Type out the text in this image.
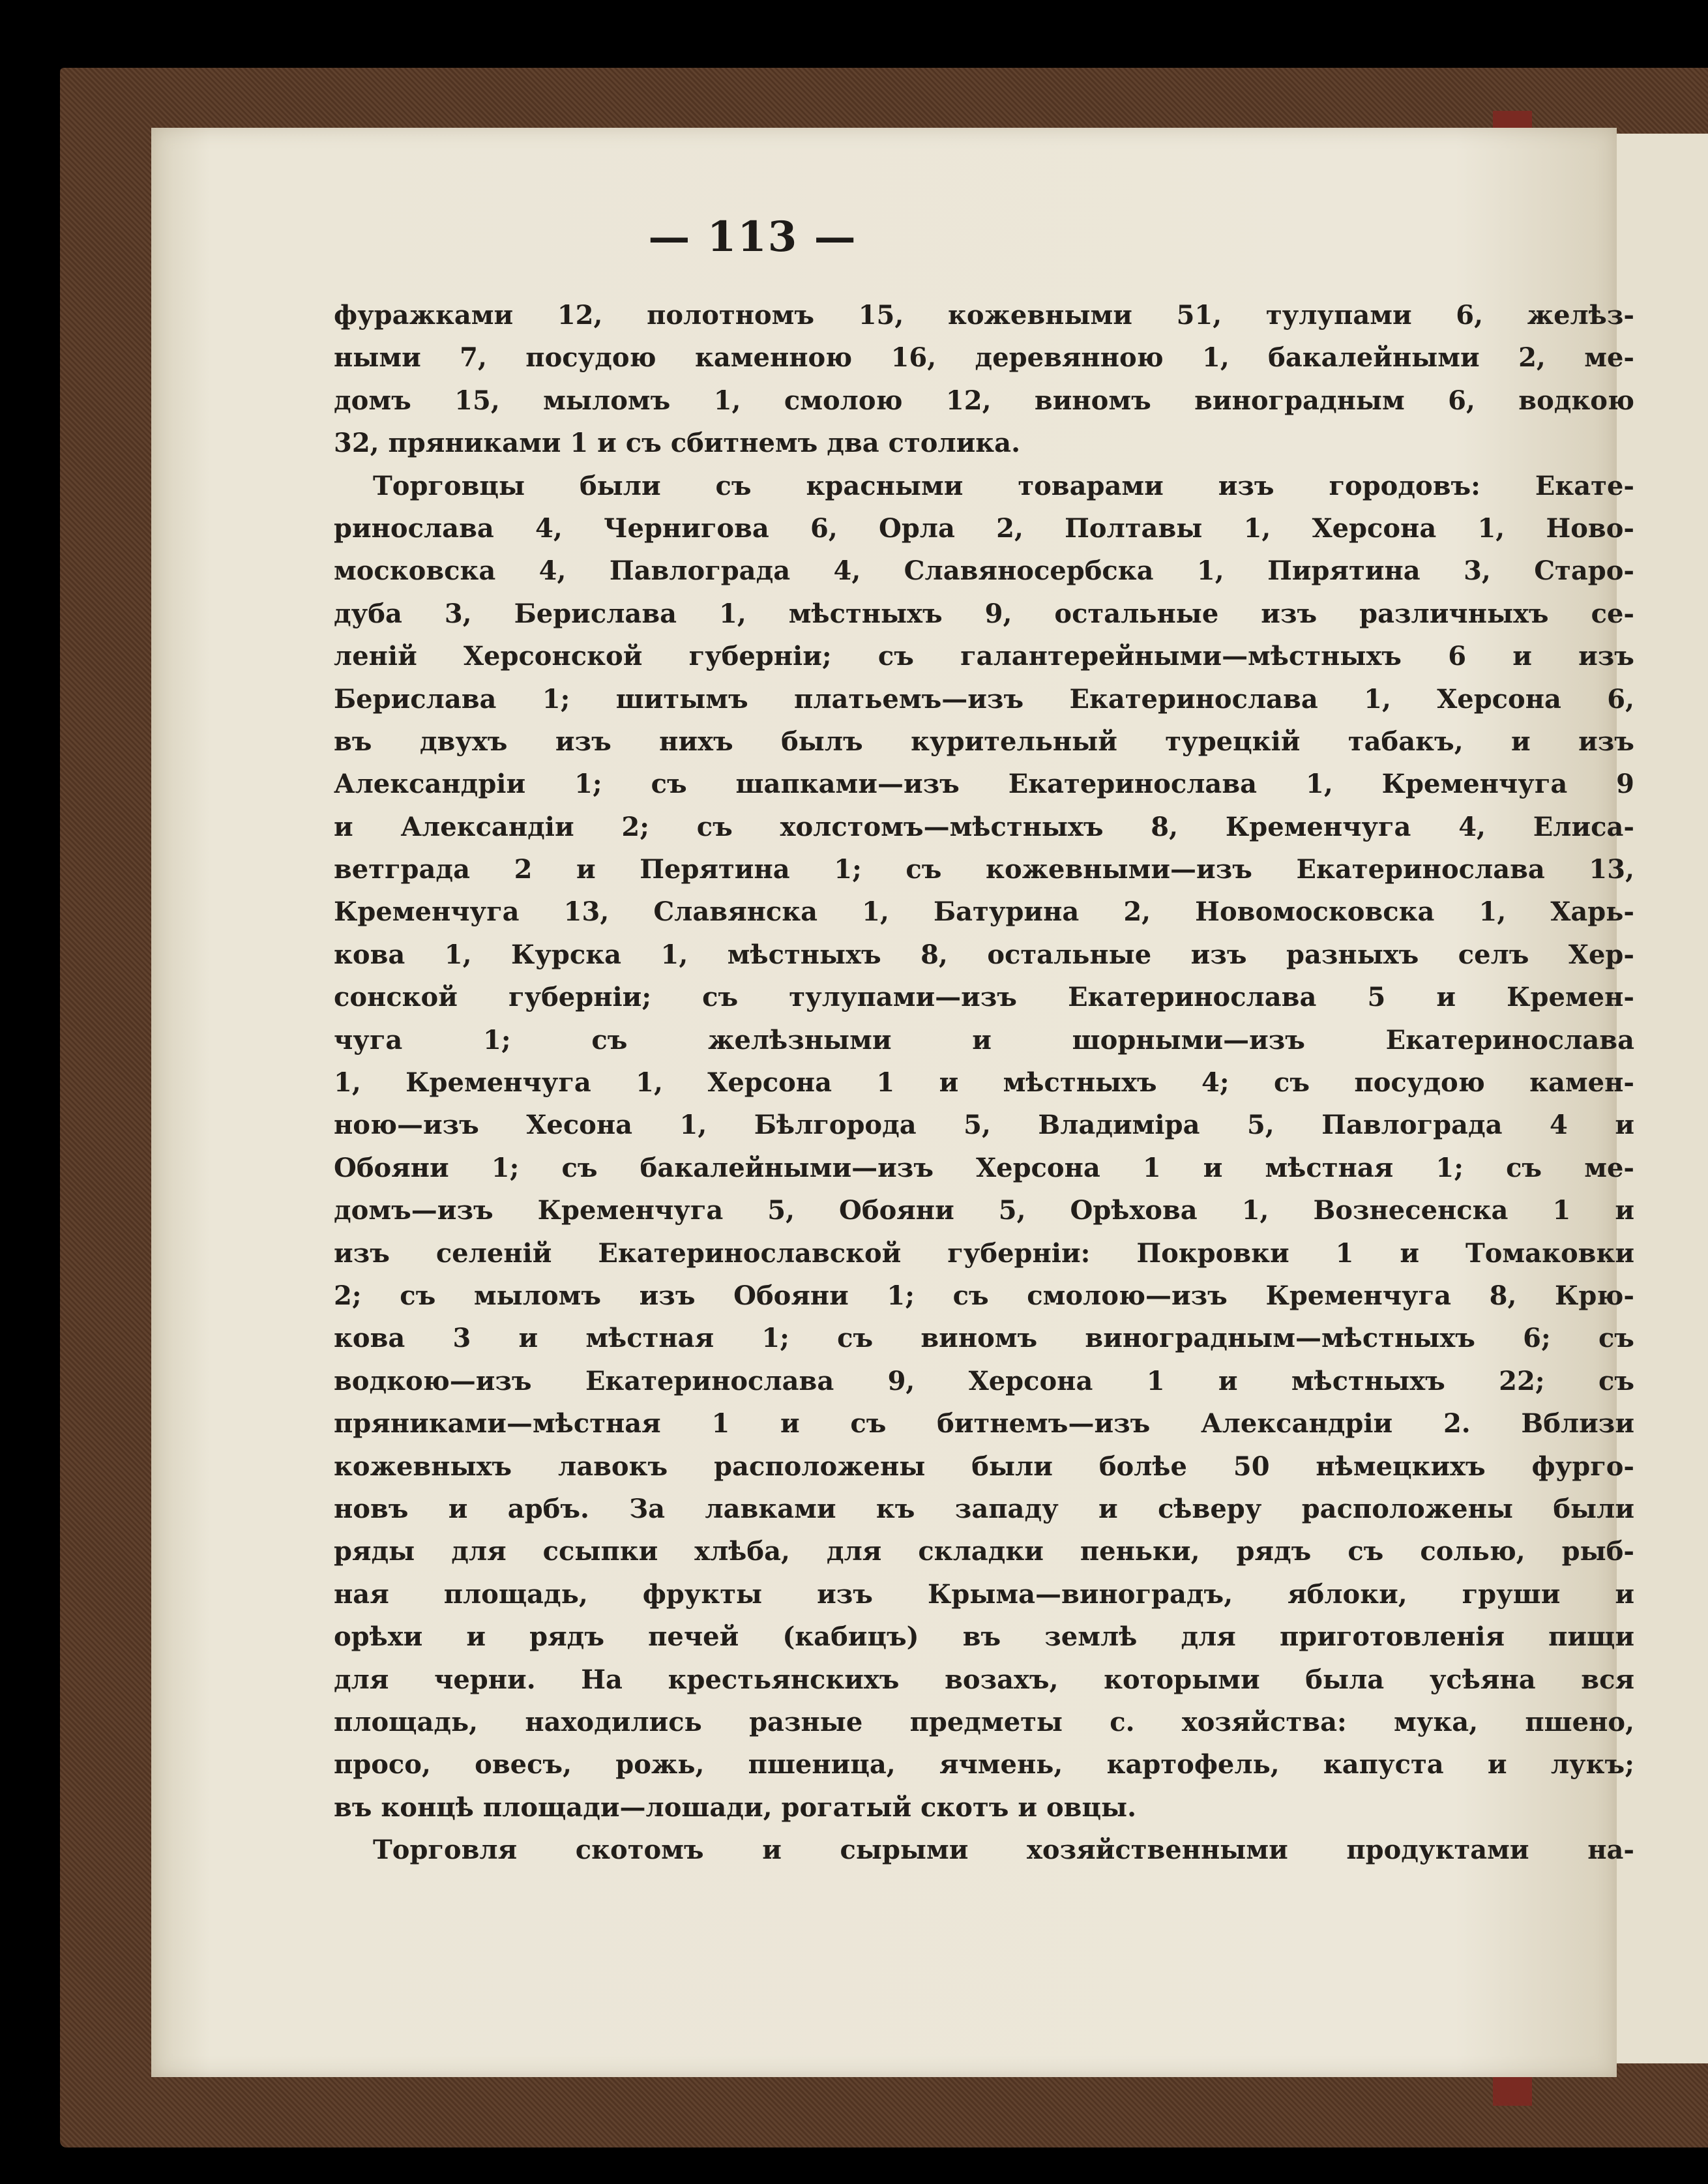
— 113 —
фуражками 12, полотномъ 15, кожевными 51, тулупами 6, желѣз-
ными 7, посудою каменною 16, деревянною 1, бакалейными 2, ме-
домъ 15, мыломъ 1, смолою 12, виномъ виноградным 6, водкою
32, пряниками 1 и съ сбитнемъ два столика.
Торговцы были съ красными товарами изъ городовъ: Екате-
ринослава 4, Чернигова 6, Орла 2, Полтавы 1, Херсона 1, Ново-
московска 4, Павлограда 4, Славяносербска 1, Пирятина 3, Старо-
дуба 3, Берислава 1, мѣстныхъ 9, остальные изъ различныхъ се-
леній Херсонской губерніи; съ галантерейными—мѣстныхъ 6 и изъ
Берислава 1; шитымъ платьемъ—изъ Екатеринослава 1, Херсона 6,
въ двухъ изъ нихъ былъ курительный турецкій табакъ, и изъ
Александріи 1; съ шапками—изъ Екатеринослава 1, Кременчуга 9
и Александіи 2; съ холстомъ—мѣстныхъ 8, Кременчуга 4, Елиса-
ветграда 2 и Перятина 1; съ кожевными—изъ Екатеринослава 13,
Кременчуга 13, Славянска 1, Батурина 2, Новомосковска 1, Харь-
кова 1, Курска 1, мѣстныхъ 8, остальные изъ разныхъ селъ Хер-
сонской губерніи; съ тулупами—изъ Екатеринослава 5 и Кремен-
чуга 1; съ желѣзными и шорными—изъ Екатеринослава
1, Кременчуга 1, Херсона 1 и мѣстныхъ 4; съ посудою камен-
ною—изъ Хесона 1, Бѣлгорода 5, Владиміра 5, Павлограда 4 и
Обояни 1; съ бакалейными—изъ Херсона 1 и мѣстная 1; съ ме-
домъ—изъ Кременчуга 5, Обояни 5, Орѣхова 1, Вознесенска 1 и
изъ селеній Екатеринославской губерніи: Покровки 1 и Томаковки
2; съ мыломъ изъ Обояни 1; съ смолою—изъ Кременчуга 8, Крю-
кова 3 и мѣстная 1; съ виномъ виноградным—мѣстныхъ 6; съ
водкою—изъ Екатеринослава 9, Херсона 1 и мѣстныхъ 22; съ
пряниками—мѣстная 1 и съ битнемъ—изъ Александріи 2. Вблизи
кожевныхъ лавокъ расположены были болѣе 50 нѣмецкихъ фурго-
новъ и арбъ. За лавками къ западу и сѣверу расположены были
ряды для ссыпки хлѣба, для складки пеньки, рядъ съ солью, рыб-
ная площадь, фрукты изъ Крыма—виноградъ, яблоки, груши и
орѣхи и рядъ печей (кабицъ) въ землѣ для приготовленія пищи
для черни. На крестьянскихъ возахъ, которыми была усѣяна вся
площадь, находились разные предметы с. хозяйства: мука, пшено,
просо, овесъ, рожь, пшеница, ячмень, картофель, капуста и лукъ;
въ концѣ площади—лошади, рогатый скотъ и овцы.
Торговля скотомъ и сырыми хозяйственными продуктами на-
